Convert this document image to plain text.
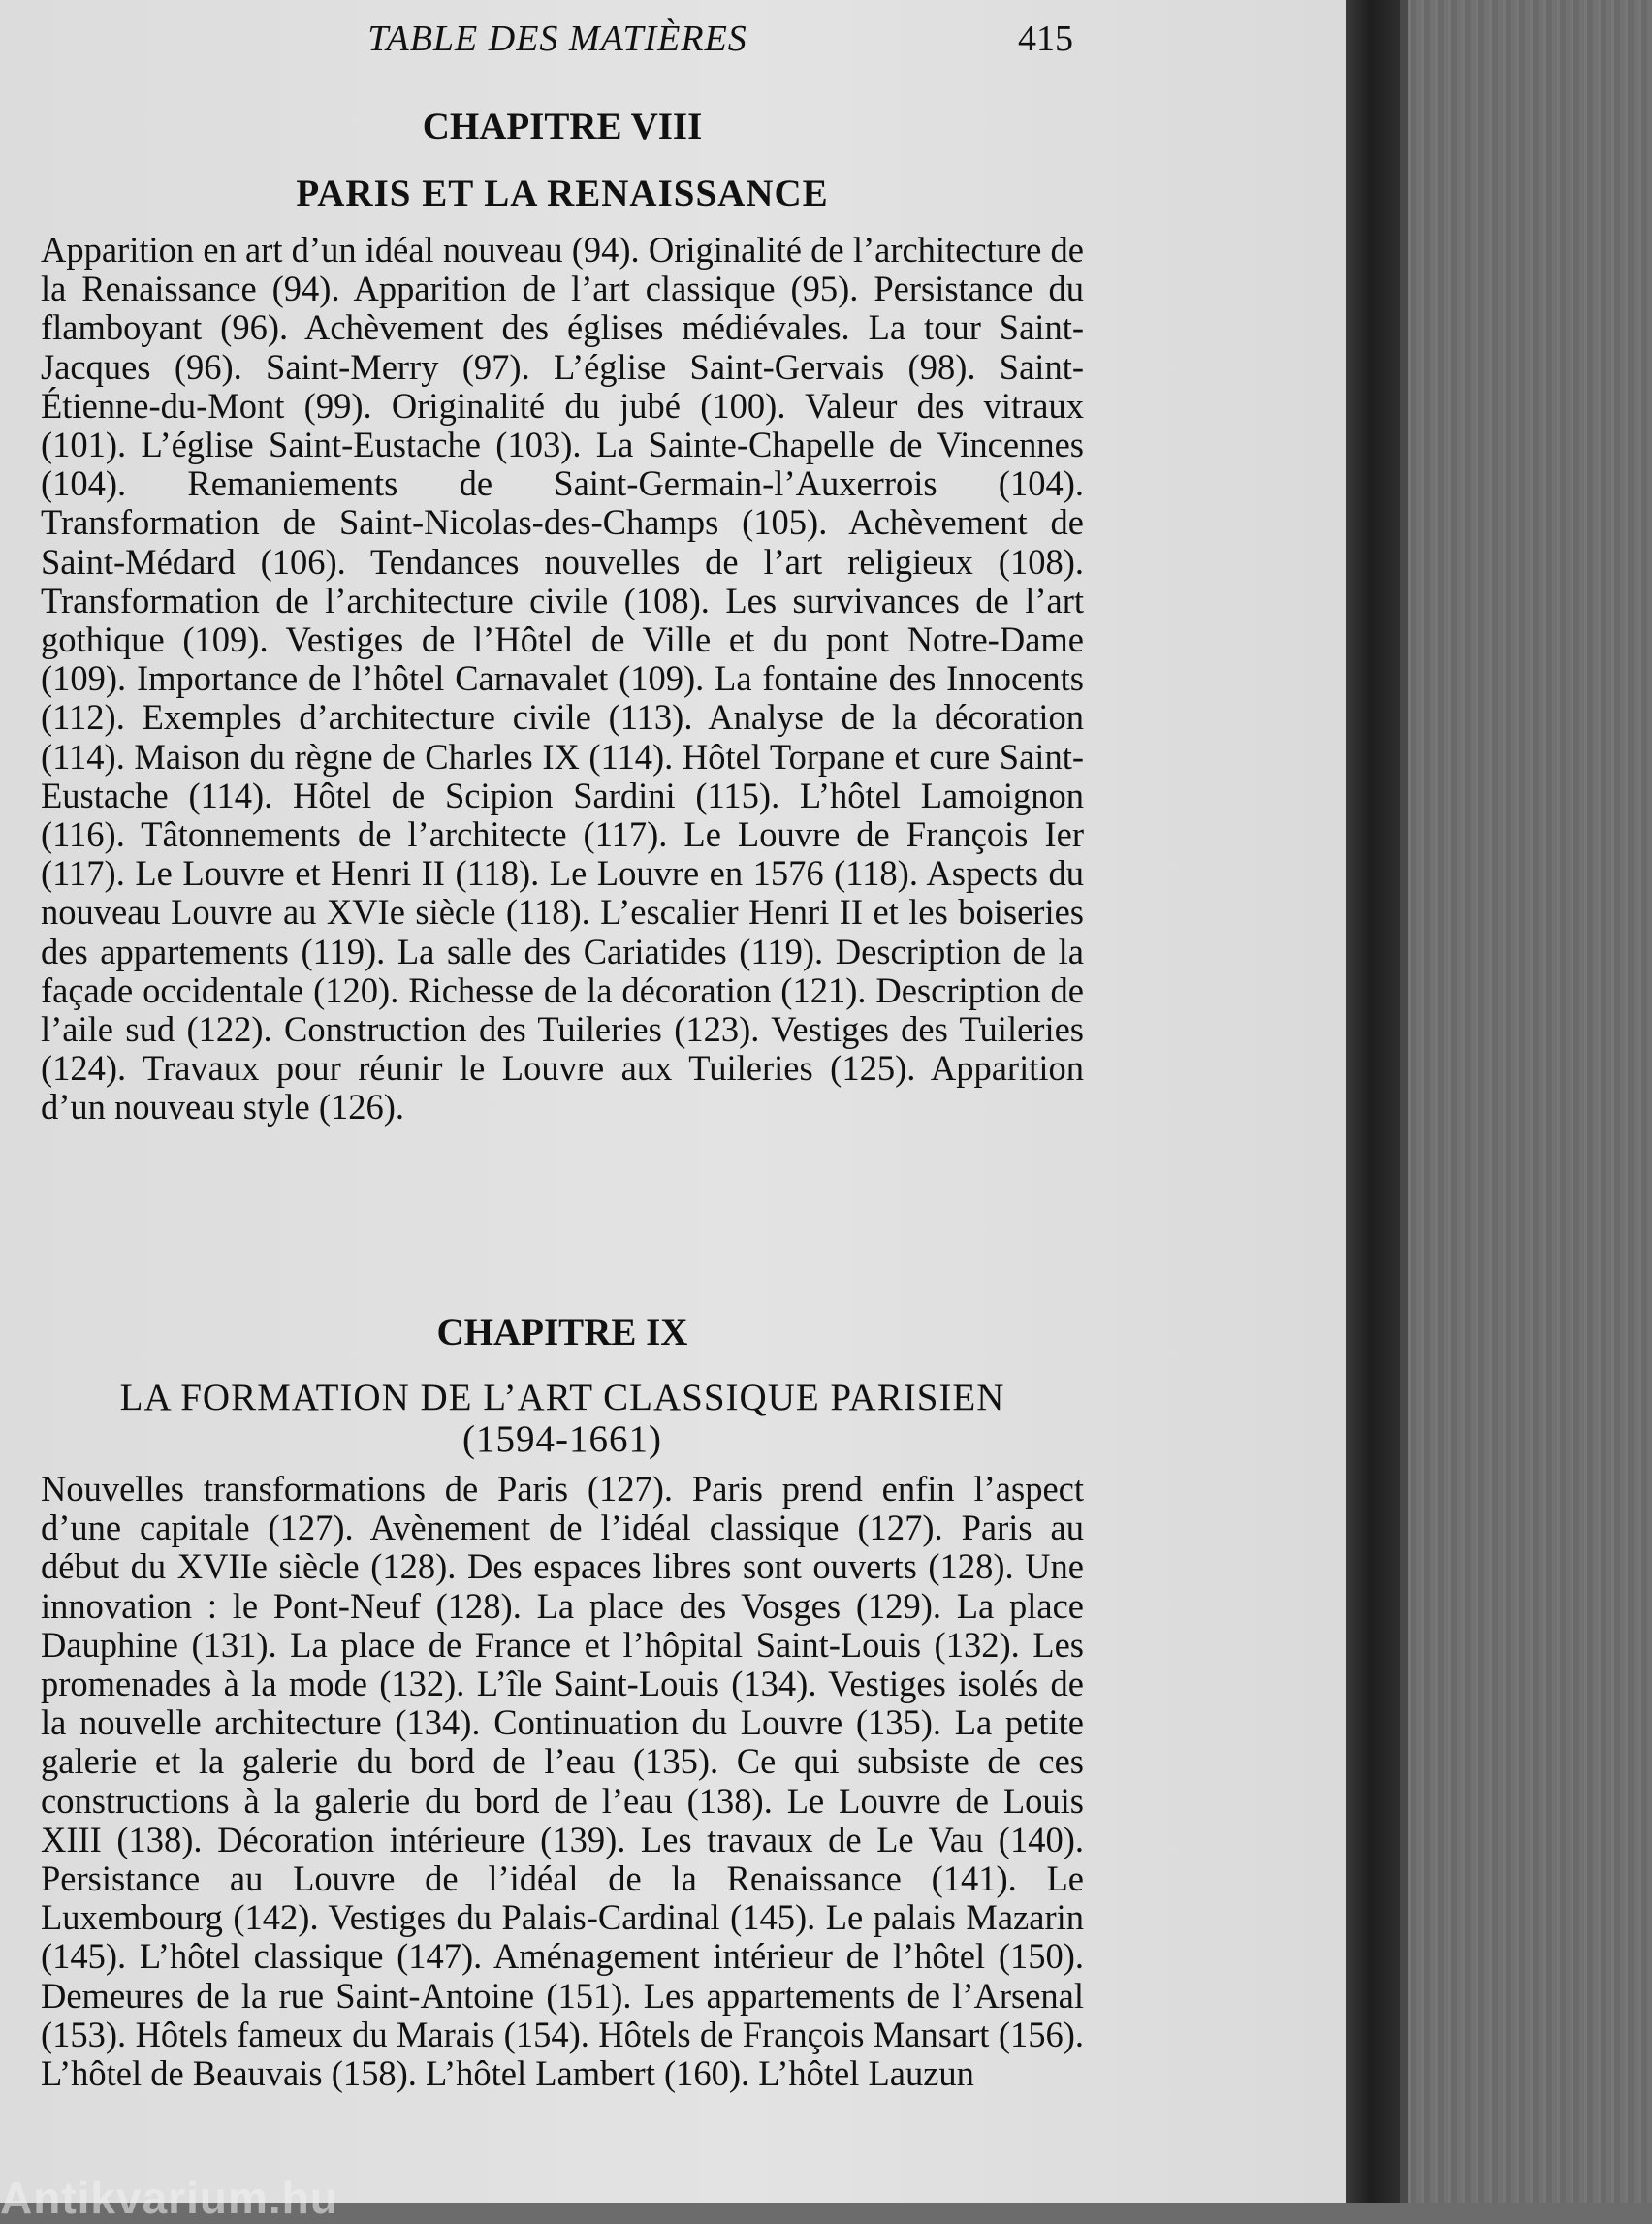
TABLE DES MATIÈRES	415
CHAPITRE VIII
PARIS ET LA RENAISSANCE

Apparition en art d’un idéal nouveau (94). Originalité de l’architecture de la Renaissance (94). Apparition de l’art classique (95). Persistance du flamboyant (96). Achèvement des églises médiévales. La tour Saint-Jacques (96). Saint-Merry (97). L’église Saint-Gervais (98). Saint-Étienne-du-Mont (99). Originalité du jubé (100). Valeur des vitraux (101). L’église Saint-Eustache (103). La Sainte-Chapelle de Vincennes (104). Remaniements de Saint-Germain-l’Auxerrois (104). Transformation de Saint-Nicolas-des-Champs (105). Achèvement de Saint-Médard (106). Tendances nouvelles de l’art religieux (108). Transformation de l’architecture civile (108). Les survivances de l’art gothique (109). Vestiges de l’Hôtel de Ville et du pont Notre-Dame (109). Importance de l’hôtel Carnavalet (109). La fontaine des Innocents (112). Exemples d’architecture civile (113). Analyse de la décoration (114). Maison du règne de Charles IX (114). Hôtel Torpane et cure Saint-Eustache (114). Hôtel de Scipion Sardini (115). L’hôtel Lamoignon (116). Tâtonnements de l’architecte (117). Le Louvre de François Ier (117). Le Louvre et Henri II (118). Le Louvre en 1576 (118). Aspects du nouveau Louvre au XVIe siècle (118). L’escalier Henri II et les boiseries des appartements (119). La salle des Cariatides (119). Description de la façade occidentale (120). Richesse de la décoration (121). Description de l’aile sud (122). Construction des Tuileries (123). Vestiges des Tuileries (124). Travaux pour réunir le Louvre aux Tuileries (125). Apparition d’un nouveau style (126).

CHAPITRE IX
LA FORMATION DE L’ART CLASSIQUE PARISIEN
(1594-1661)

Nouvelles transformations de Paris (127). Paris prend enfin l’aspect d’une capitale (127). Avènement de l’idéal classique (127). Paris au début du XVIIe siècle (128). Des espaces libres sont ouverts (128). Une innovation : le Pont-Neuf (128). La place des Vosges (129). La place Dauphine (131). La place de France et l’hôpital Saint-Louis (132). Les promenades à la mode (132). L’île Saint-Louis (134). Vestiges isolés de la nouvelle architecture (134). Continuation du Louvre (135). La petite galerie et la galerie du bord de l’eau (135). Ce qui subsiste de ces constructions à la galerie du bord de l’eau (138). Le Louvre de Louis XIII (138). Décoration intérieure (139). Les travaux de Le Vau (140). Persistance au Louvre de l’idéal de la Renaissance (141). Le Luxembourg (142). Vestiges du Palais-Cardinal (145). Le palais Mazarin (145). L’hôtel classique (147). Aménagement intérieur de l’hôtel (150). Demeures de la rue Saint-Antoine (151). Les appartements de l’Arsenal (153). Hôtels fameux du Marais (154). Hôtels de François Mansart (156). L’hôtel de Beauvais (158). L’hôtel Lambert (160). L’hôtel Lauzun

Antikvarium.hu
